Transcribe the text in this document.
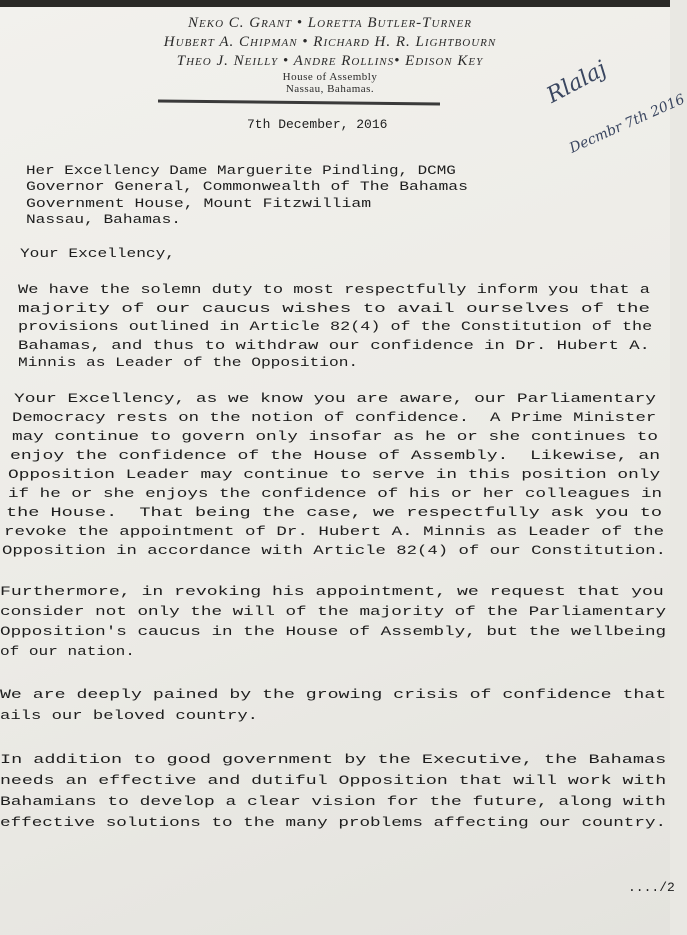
Neko C. Grant • Loretta Butler-Turner
Hubert A. Chipman • Richard H. R. Lightbourn
Theo J. Neilly • Andre Rollins• Edison Key
House of Assembly
Nassau, Bahamas.	Rlalaj
Decmbr 7th 2016
7th December, 2016
Her Excellency Dame Marguerite Pindling, DCMG
Governor General, Commonwealth of The Bahamas
Government House, Mount Fitzwilliam
Nassau, Bahamas.
Your Excellency,
We have the solemn duty to most respectfully inform you that a
majority of our caucus wishes to avail ourselves of the
provisions outlined in Article 82(4) of the Constitution of the
Bahamas, and thus to withdraw our confidence in Dr. Hubert A.
Minnis as Leader of the Opposition.
Your Excellency, as we know you are aware, our Parliamentary
Democracy rests on the notion of confidence.  A Prime Minister
may continue to govern only insofar as he or she continues to
enjoy the confidence of the House of Assembly.  Likewise, an
Opposition Leader may continue to serve in this position only
if he or she enjoys the confidence of his or her colleagues in
the House.  That being the case, we respectfully ask you to
revoke the appointment of Dr. Hubert A. Minnis as Leader of the
Opposition in accordance with Article 82(4) of our Constitution.
Furthermore, in revoking his appointment, we request that you
consider not only the will of the majority of the Parliamentary
Opposition's caucus in the House of Assembly, but the wellbeing
of our nation.
We are deeply pained by the growing crisis of confidence that
ails our beloved country.
In addition to good government by the Executive, the Bahamas
needs an effective and dutiful Opposition that will work with
Bahamians to develop a clear vision for the future, along with
effective solutions to the many problems affecting our country.
..../2
